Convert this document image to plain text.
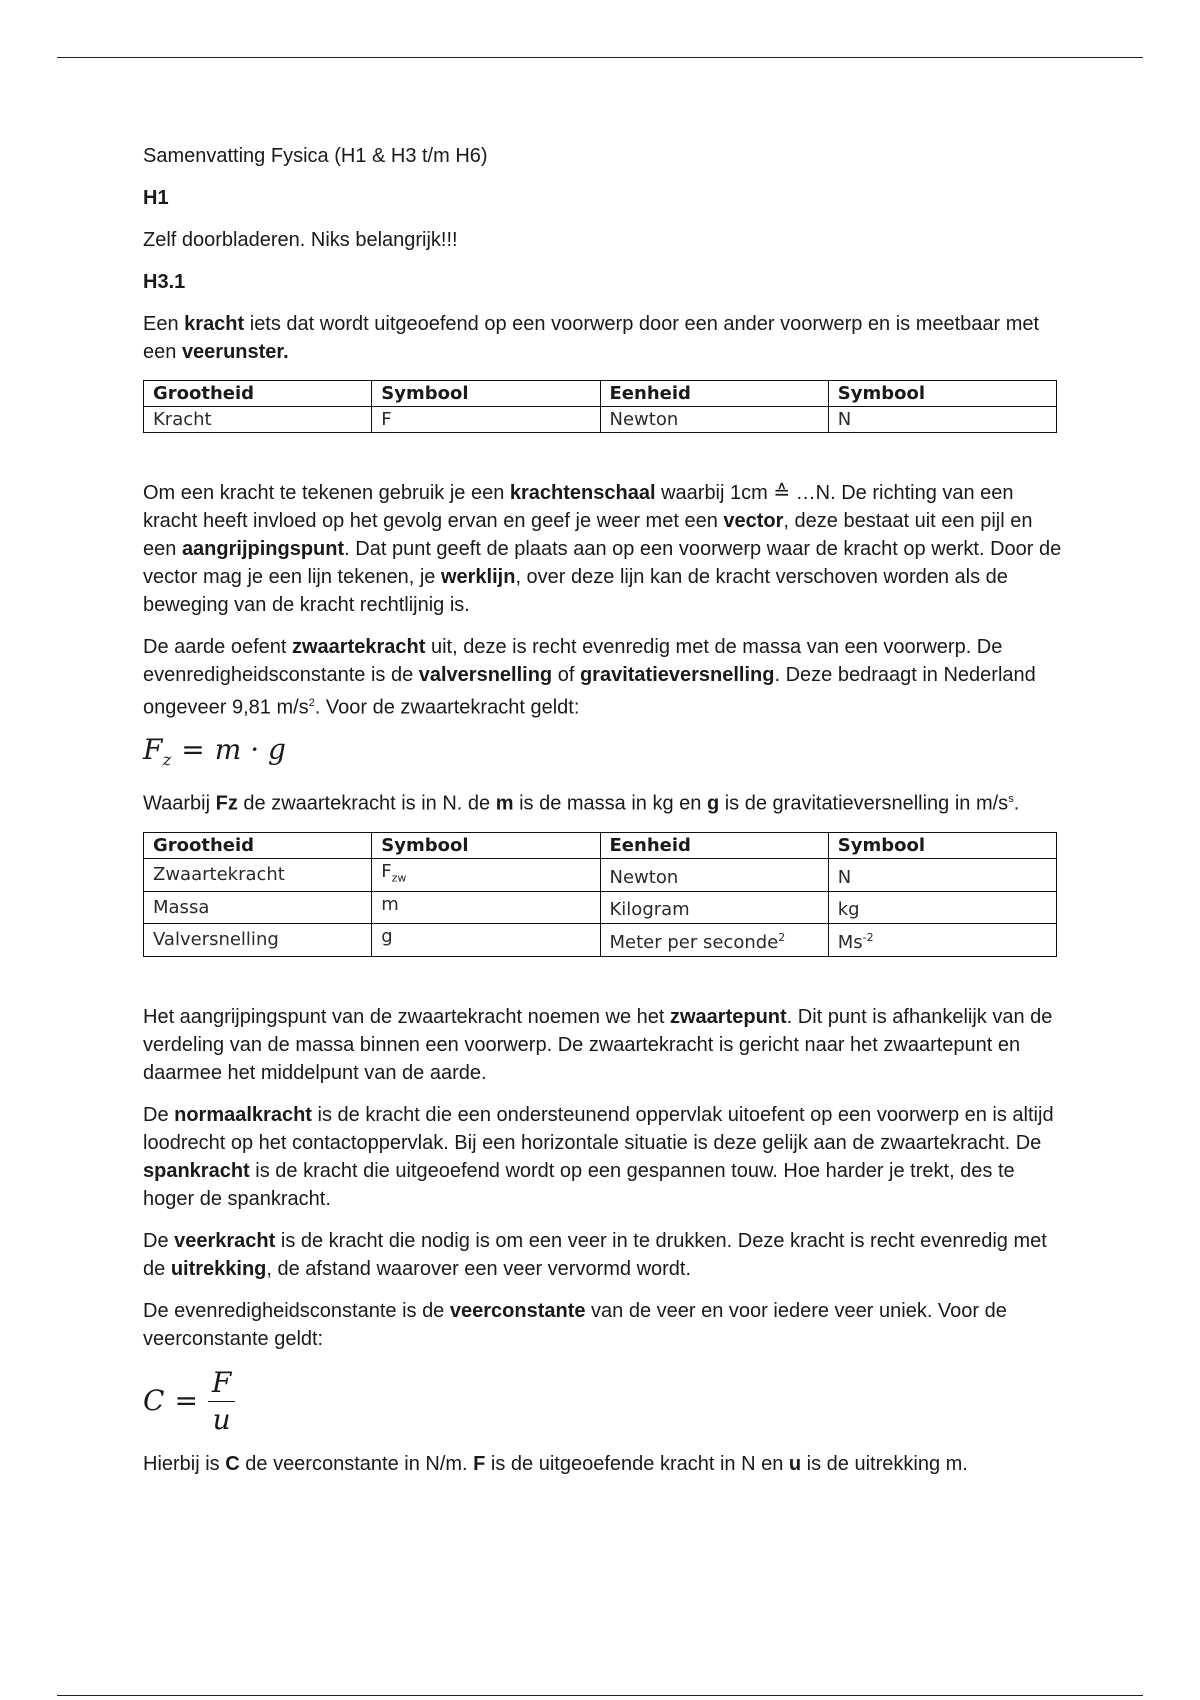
Samenvatting Fysica (H1 & H3 t/m H6)

H1

Zelf doorbladeren. Niks belangrijk!!!

H3.1

Een kracht iets dat wordt uitgeoefend op een voorwerp door een ander voorwerp en is meetbaar met een veerunster.

Grootheid	Symbool	Eenheid	Symbool
Kracht	F	Newton	N

Om een kracht te tekenen gebruik je een krachtenschaal waarbij 1cm ≙ …N. De richting van een kracht heeft invloed op het gevolg ervan en geef je weer met een vector, deze bestaat uit een pijl en een aangrijpingspunt. Dat punt geeft de plaats aan op een voorwerp waar de kracht op werkt. Door de vector mag je een lijn tekenen, je werklijn, over deze lijn kan de kracht verschoven worden als de beweging van de kracht rechtlijnig is.

De aarde oefent zwaartekracht uit, deze is recht evenredig met de massa van een voorwerp. De evenredigheidsconstante is de valversnelling of gravitatieversnelling. Deze bedraagt in Nederland ongeveer 9,81 $m/s^2$. Voor de zwaartekracht geldt:

$F_z = m \cdot g$

Waarbij Fz de zwaartekracht is in N. de m is de massa in kg en g is de gravitatieversnelling in $m/s^s$.

Grootheid	Symbool	Eenheid	Symbool
Zwaartekracht	$F_{zw}$	Newton	N
Massa	m	Kilogram	kg
Valversnelling	g	Meter per seconde$^2$	$Ms^{-2}$

Het aangrijpingspunt van de zwaartekracht noemen we het zwaartepunt. Dit punt is afhankelijk van de verdeling van de massa binnen een voorwerp. De zwaartekracht is gericht naar het zwaartepunt en daarmee het middelpunt van de aarde.

De normaalkracht is de kracht die een ondersteunend oppervlak uitoefent op een voorwerp en is altijd loodrecht op het contactoppervlak. Bij een horizontale situatie is deze gelijk aan de zwaartekracht. De spankracht is de kracht die uitgeoefend wordt op een gespannen touw. Hoe harder je trekt, des te hoger de spankracht.

De veerkracht is de kracht die nodig is om een veer in te drukken. Deze kracht is recht evenredig met de uitrekking, de afstand waarover een veer vervormd wordt.

De evenredigheidsconstante is de veerconstante van de veer en voor iedere veer uniek. Voor de veerconstante geldt:

$C = \frac{F}{u}$

Hierbij is C de veerconstante in N/m. F is de uitgeoefende kracht in N en u is de uitrekking m.
